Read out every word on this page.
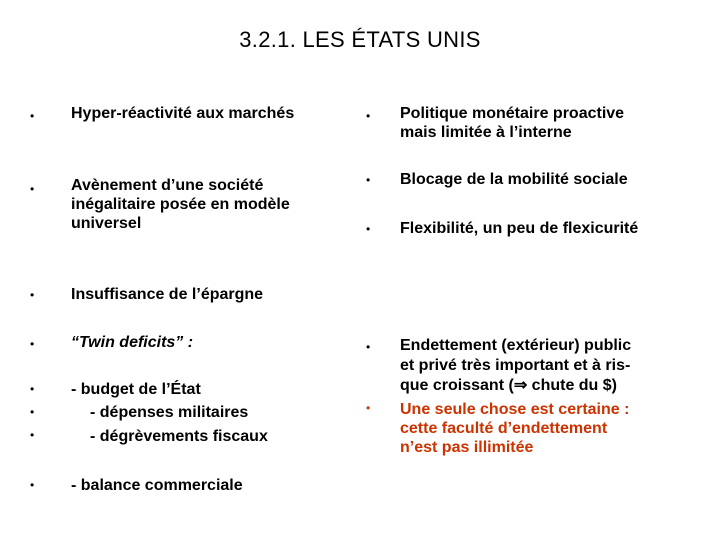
3.2.1. LES ÉTATS UNIS
•
•
•
•
•
•
•
•
Hyper-réactivité aux marchés
Avènement d’une société
inégalitaire posée en modèle
universel
Insuffisance de l’épargne
“Twin deficits” :
- budget de l’État
- dépenses militaires
- dégrèvements fiscaux
- balance commerciale
•
•
•
•
•
Politique monétaire proactive
mais limitée à l’interne
Blocage de la mobilité sociale
Flexibilité, un peu de flexicurité
Endettement (extérieur) public
et privé très important et à ris-
que croissant (⇒ chute du $)
Une seule chose est certaine :
cette faculté d’endettement
n’est pas illimitée
